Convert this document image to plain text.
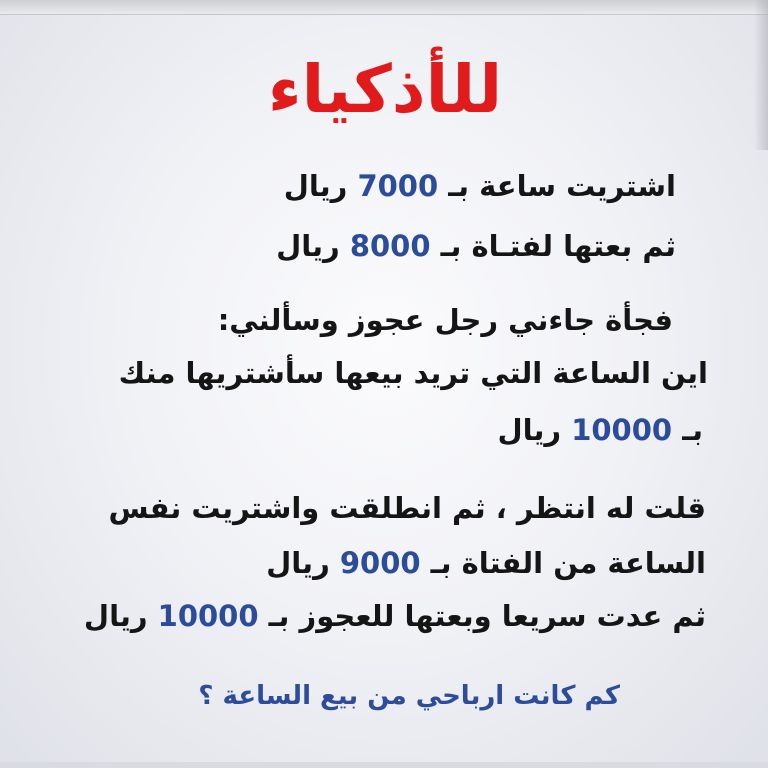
للأذكياء
اشتريت ساعة بـ 7000 ريال
ثم بعتها لفتـاة بـ 8000 ريال
فجأة جاءني رجل عجوز وسألني:
اين الساعة التي تريد بيعها سأشتريها منك
بـ 10000 ريال
قلت له انتظر ، ثم انطلقت واشتريت نفس
الساعة من الفتاة بـ 9000 ريال
ثم عدت سريعا وبعتها للعجوز بـ 10000 ريال
كم كانت ارباحي من بيع الساعة ؟
